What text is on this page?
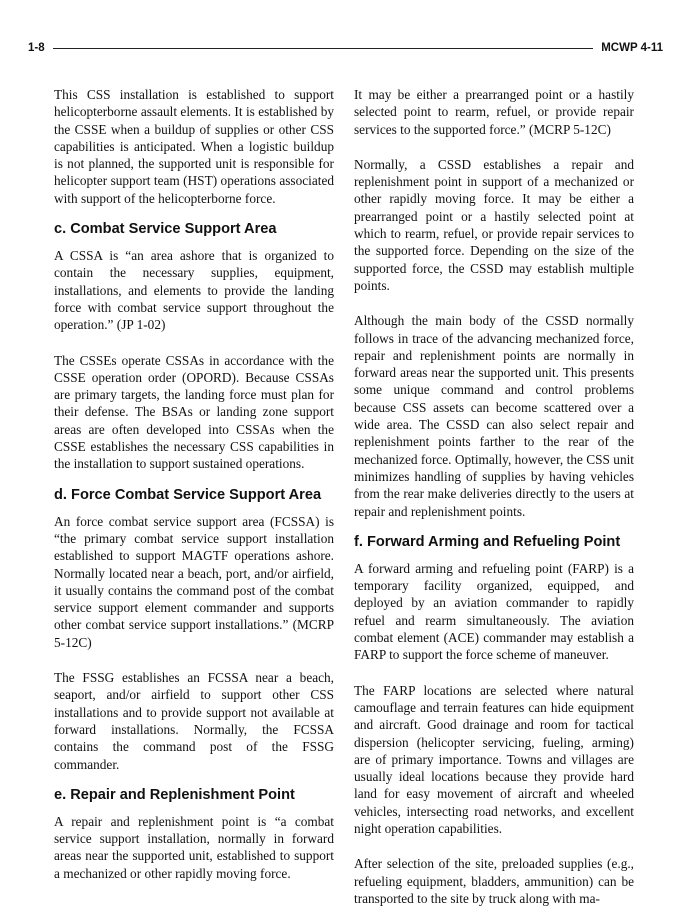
1-8	MCWP 4-11

This CSS installation is established to support helicopterborne assault elements. It is established by the CSSE when a buildup of supplies or other CSS capabilities is anticipated. When a logistic buildup is not planned, the supported unit is responsible for helicopter support team (HST) operations associated with support of the helicopterborne force.

c. Combat Service Support Area

A CSSA is “an area ashore that is organized to contain the necessary supplies, equipment, installations, and elements to provide the landing force with combat service support throughout the operation.” (JP 1-02)

The CSSEs operate CSSAs in accordance with the CSSE operation order (OPORD). Because CSSAs are primary targets, the landing force must plan for their defense. The BSAs or landing zone support areas are often developed into CSSAs when the CSSE establishes the necessary CSS capabilities in the installation to support sustained operations.

d. Force Combat Service Support Area

An force combat service support area (FCSSA) is “the primary combat service support installation established to support MAGTF operations ashore. Normally located near a beach, port, and/or airfield, it usually contains the command post of the combat service support element commander and supports other combat service support installations.” (MCRP 5-12C)

The FSSG establishes an FCSSA near a beach, seaport, and/or airfield to support other CSS installations and to provide support not available at forward installations. Normally, the FCSSA contains the command post of the FSSG commander.

e. Repair and Replenishment Point

A repair and replenishment point is “a combat service support installation, normally in forward areas near the supported unit, established to support a mechanized or other rapidly moving force.

It may be either a prearranged point or a hastily selected point to rearm, refuel, or provide repair services to the supported force.” (MCRP 5-12C)

Normally, a CSSD establishes a repair and replenishment point in support of a mechanized or other rapidly moving force. It may be either a prearranged point or a hastily selected point at which to rearm, refuel, or provide repair services to the supported force. Depending on the size of the supported force, the CSSD may establish multiple points.

Although the main body of the CSSD normally follows in trace of the advancing mechanized force, repair and replenishment points are normally in forward areas near the supported unit. This presents some unique command and control problems because CSS assets can become scattered over a wide area. The CSSD can also select repair and replenishment points farther to the rear of the mechanized force. Optimally, however, the CSS unit minimizes handling of supplies by having vehicles from the rear make deliveries directly to the users at repair and replenishment points.

f. Forward Arming and Refueling Point

A forward arming and refueling point (FARP) is a temporary facility organized, equipped, and deployed by an aviation commander to rapidly refuel and rearm simultaneously. The aviation combat element (ACE) commander may establish a FARP to support the force scheme of maneuver.

The FARP locations are selected where natural camouflage and terrain features can hide equipment and aircraft. Good drainage and room for tactical dispersion (helicopter servicing, fueling, arming) are of primary importance. Towns and villages are usually ideal locations because they provide hard land for easy movement of aircraft and wheeled vehicles, intersecting road networks, and excellent night operation capabilities.

After selection of the site, preloaded supplies (e.g., refueling equipment, bladders, ammunition) can be transported to the site by truck along with ma-
